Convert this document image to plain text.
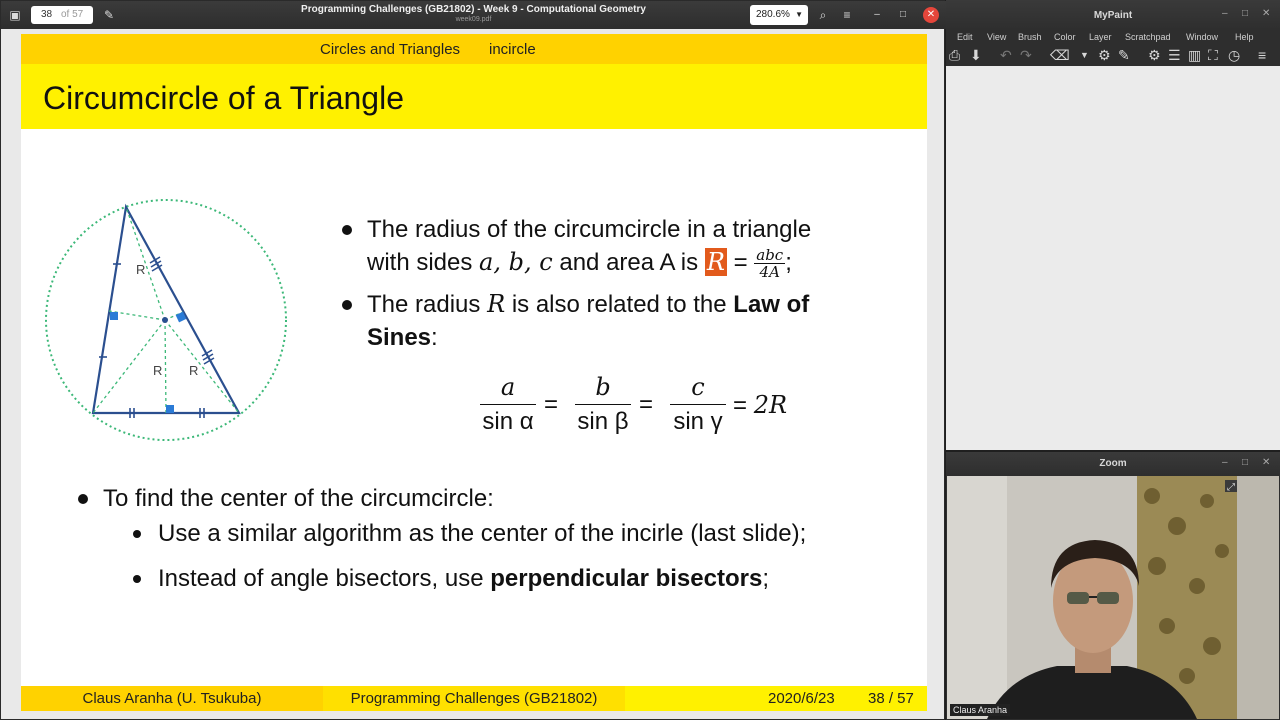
▣ 38 of 57 ✎	Programming Challenges (GB21802) - Week 9 - Computational Geometry
week09.pdf	280.6% ▼	⌕	≡	–	□	✕
Circles and Triangles incircle
Circumcircle of a Triangle
R
R R
The radius of the circumcircle in a triangle
with sides a, b, c and area A is $R = \frac{\text{abc}}{4A}$ ;
The radius R is also related to the Law of
Sines:
a
sin α
=
b
sin β
=
c
sin γ
= 2R
To find the center of the circumcircle:
Use a similar algorithm as the center of the incirle (last slide);
Instead of angle bisectors, use perpendicular bisectors;
Claus Aranha (U. Tsukuba)	Programming Challenges (GB21802)	2020/6/23 38 / 57
MyPaint	– □ ✕
Edit View Brush Color Layer Scratchpad Window Help
⎙ ⬇ ↶ ↷ ⌫ ▼ ⚙ ✎ ⚙ ☰ ▥ ⛶ ◷ ≡
Zoom	– □ ✕
⤢
Claus Aranha
